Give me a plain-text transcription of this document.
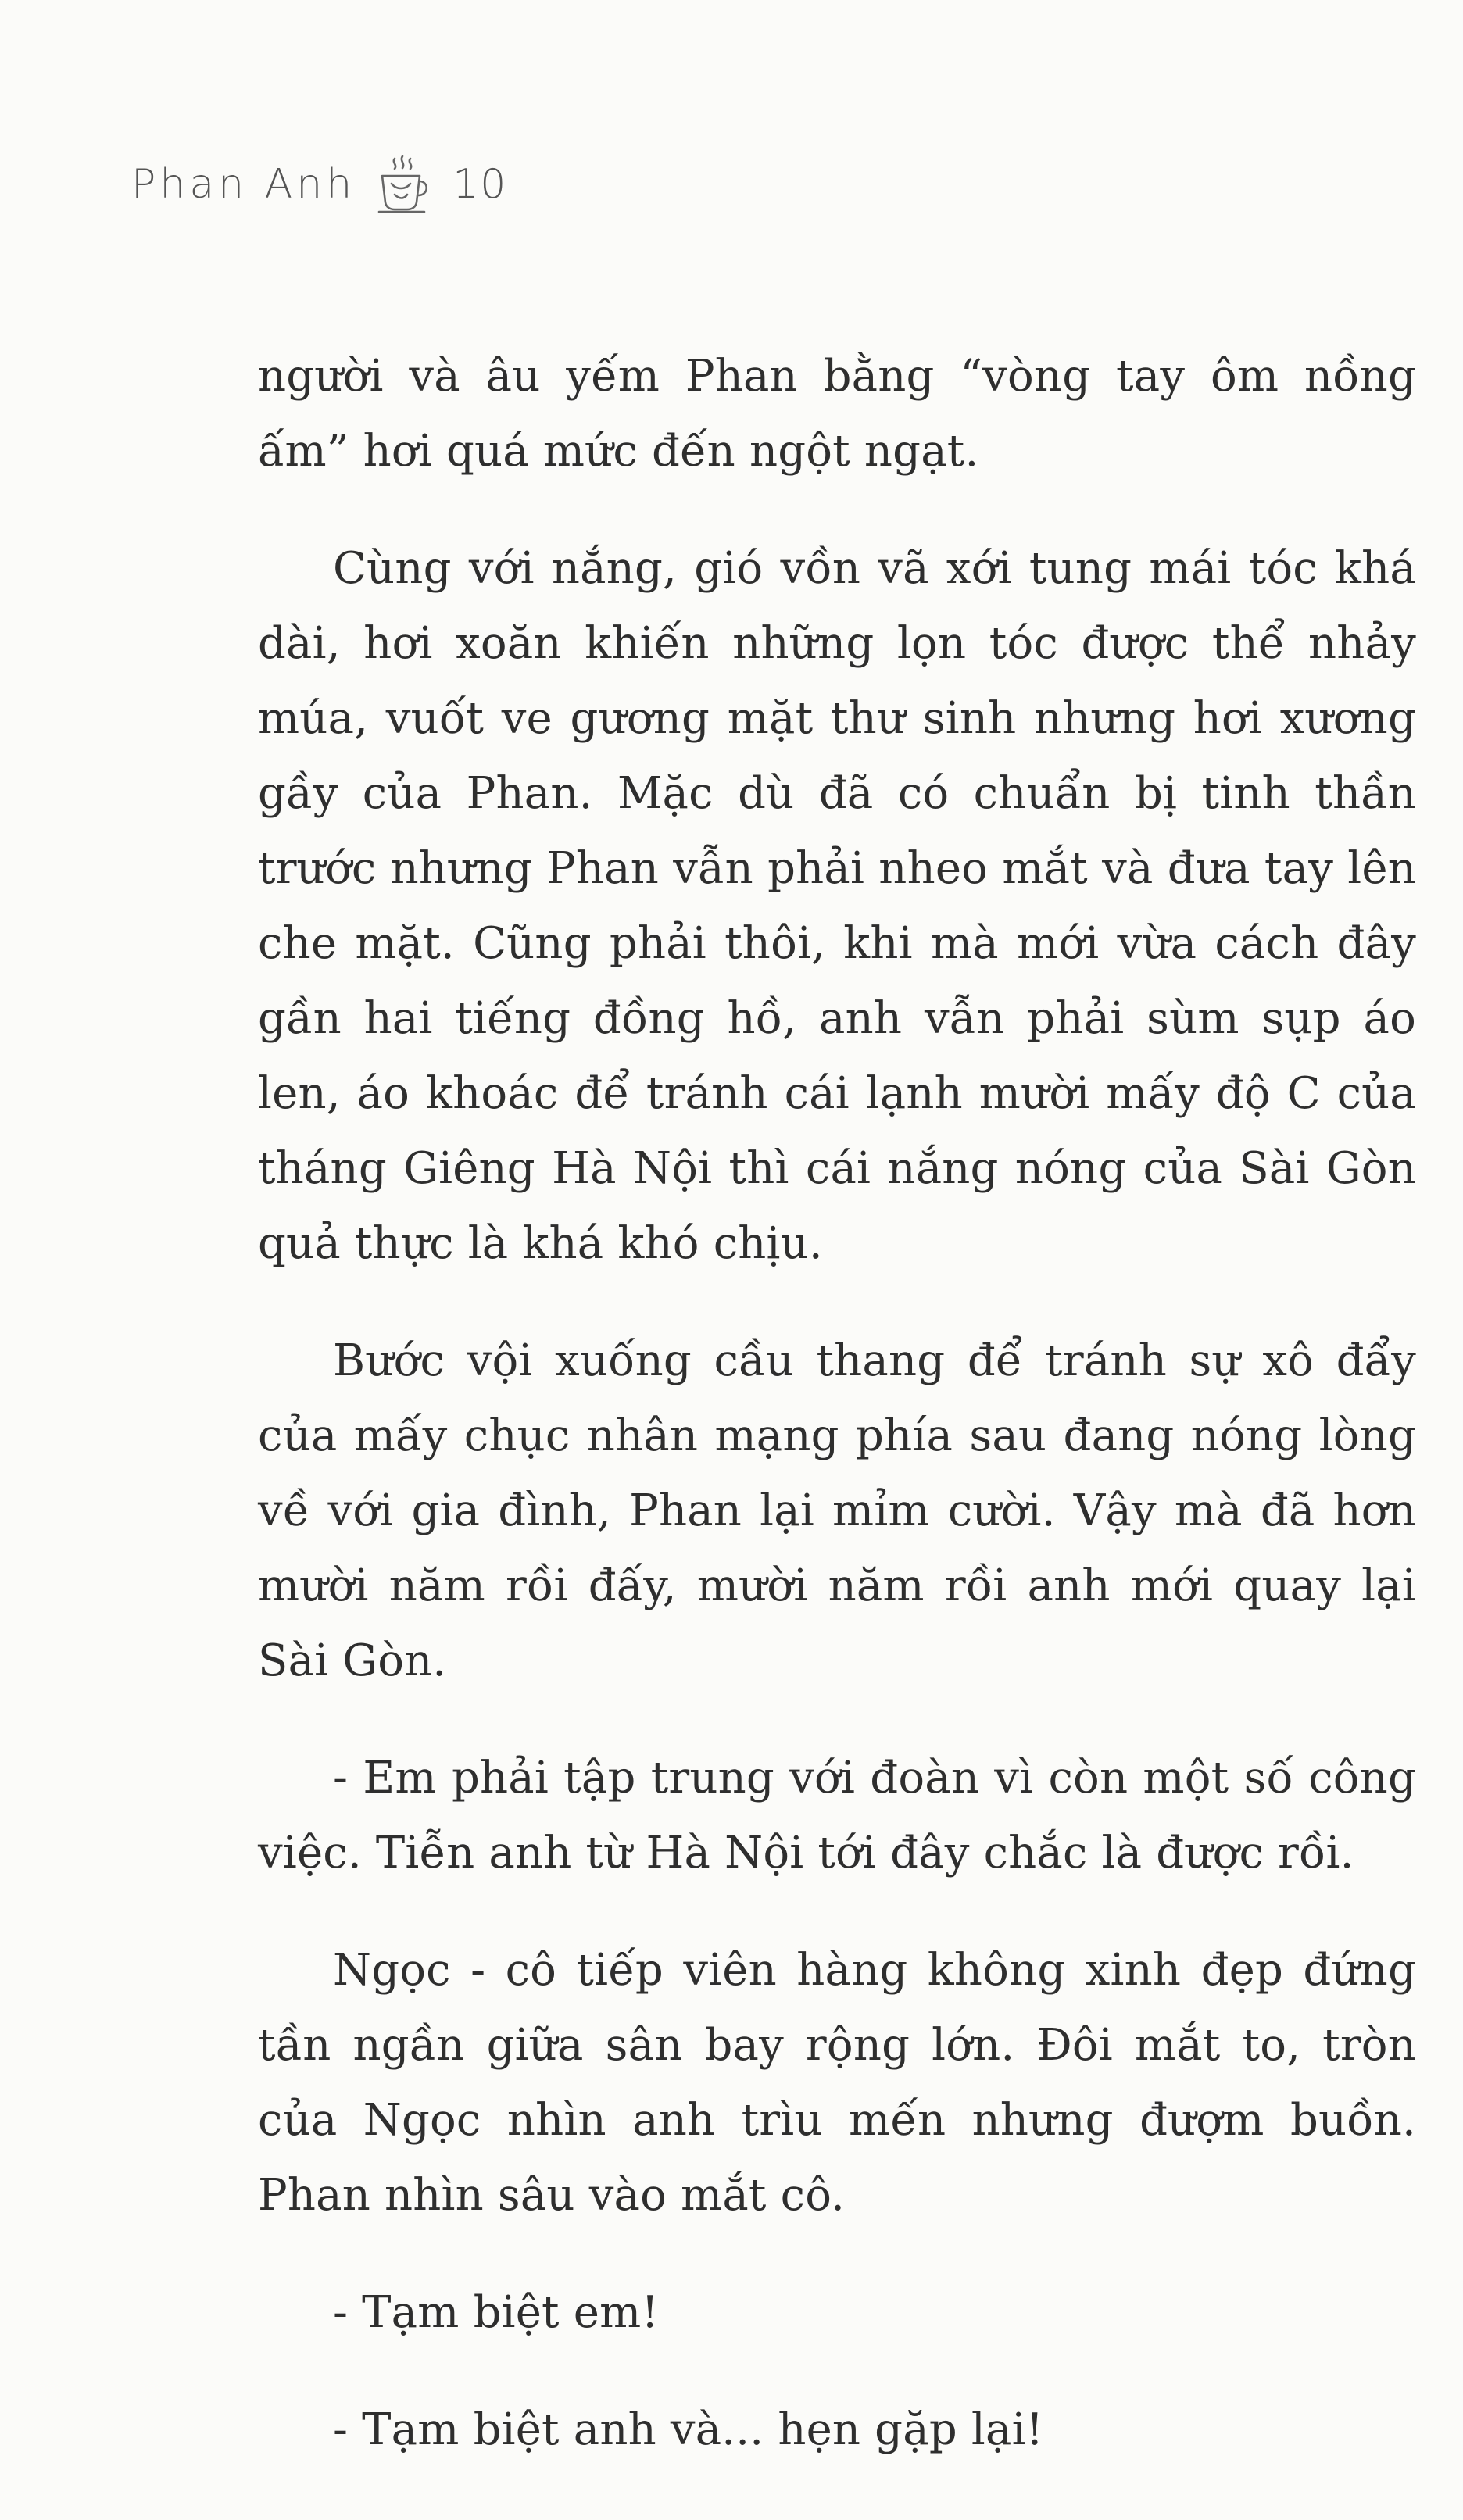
Phan Anh 10

người và âu yếm Phan bằng “vòng tay ôm nồng ấm” hơi quá mức đến ngột ngạt.

Cùng với nắng, gió vồn vã xới tung mái tóc khá dài, hơi xoăn khiến những lọn tóc được thể nhảy múa, vuốt ve gương mặt thư sinh nhưng hơi xương gầy của Phan. Mặc dù đã có chuẩn bị tinh thần trước nhưng Phan vẫn phải nheo mắt và đưa tay lên che mặt. Cũng phải thôi, khi mà mới vừa cách đây gần hai tiếng đồng hồ, anh vẫn phải sùm sụp áo len, áo khoác để tránh cái lạnh mười mấy độ C của tháng Giêng Hà Nội thì cái nắng nóng của Sài Gòn quả thực là khá khó chịu.

Bước vội xuống cầu thang để tránh sự xô đẩy của mấy chục nhân mạng phía sau đang nóng lòng về với gia đình, Phan lại mỉm cười. Vậy mà đã hơn mười năm rồi đấy, mười năm rồi anh mới quay lại Sài Gòn.

- Em phải tập trung với đoàn vì còn một số công việc. Tiễn anh từ Hà Nội tới đây chắc là được rồi.

Ngọc - cô tiếp viên hàng không xinh đẹp đứng tần ngần giữa sân bay rộng lớn. Đôi mắt to, tròn của Ngọc nhìn anh trìu mến nhưng đượm buồn. Phan nhìn sâu vào mắt cô.

- Tạm biệt em!

- Tạm biệt anh và... hẹn gặp lại!
